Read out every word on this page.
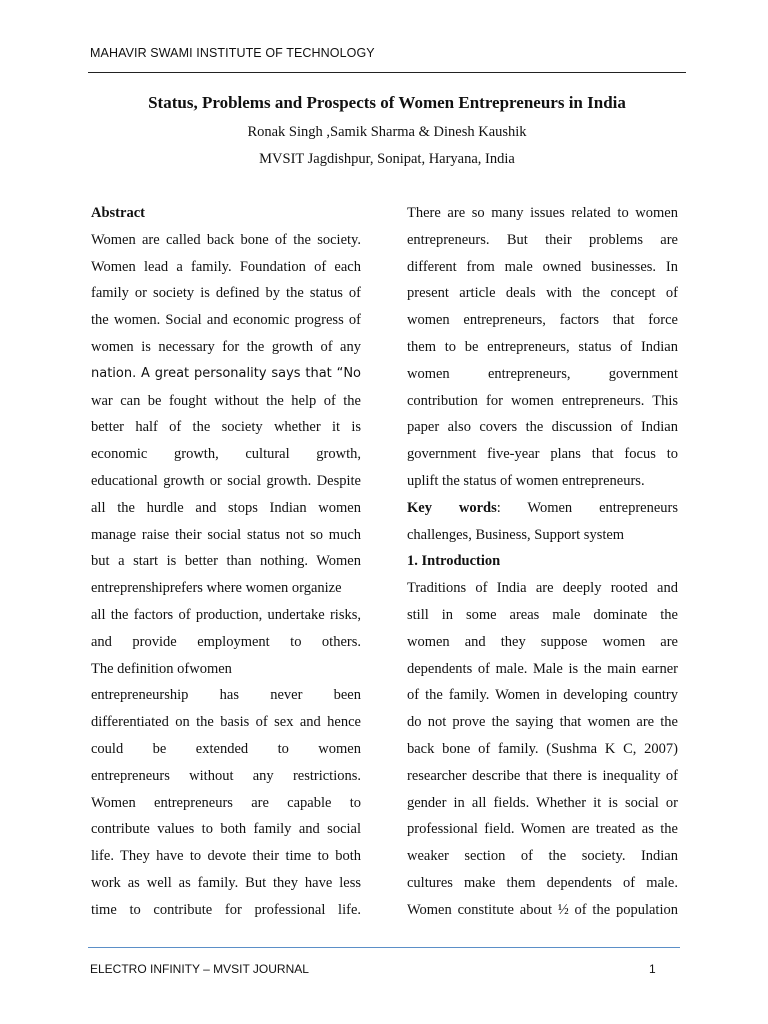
MAHAVIR SWAMI INSTITUTE OF TECHNOLOGY
Status, Problems and Prospects of Women Entrepreneurs in India
Ronak Singh ,Samik Sharma & Dinesh Kaushik
MVSIT Jagdishpur, Sonipat, Haryana, India
Abstract
Women are called back bone of the society.
Women lead a family. Foundation of each
family or society is defined by the status of
the women. Social and economic progress of
women is necessary for the growth of any
nation. A great personality says that “No
war can be fought without the help of the
better half of the society whether it is
economic growth, cultural growth,
educational growth or social growth. Despite
all the hurdle and stops Indian women
manage raise their social status not so much
but a start is better than nothing. Women
entreprenshiprefers where women organize
all the factors of production, undertake risks,
and provide employment to others.
The definition ofwomen
entrepreneurship has never been
differentiated on the basis of sex and hence
could be extended to women
entrepreneurs without any restrictions.
Women entrepreneurs are capable to
contribute values to both family and social
life. They have to devote their time to both
work as well as family. But they have less
time to contribute for professional life.
There are so many issues related to women
entrepreneurs. But their problems are
different from male owned businesses. In
present article deals with the concept of
women entrepreneurs, factors that force
them to be entrepreneurs, status of Indian
women entrepreneurs, government
contribution for women entrepreneurs. This
paper also covers the discussion of Indian
government five-year plans that focus to
uplift the status of women entrepreneurs.
Key words: Women entrepreneurs
challenges, Business, Support system
1. Introduction
Traditions of India are deeply rooted and
still in some areas male dominate the
women and they suppose women are
dependents of male. Male is the main earner
of the family. Women in developing country
do not prove the saying that women are the
back bone of family. (Sushma K C, 2007)
researcher describe that there is inequality of
gender in all fields. Whether it is social or
professional field. Women are treated as the
weaker section of the society. Indian
cultures make them dependents of male.
Women constitute about ½ of the population
ELECTRO INFINITY – MVSIT JOURNAL	1
